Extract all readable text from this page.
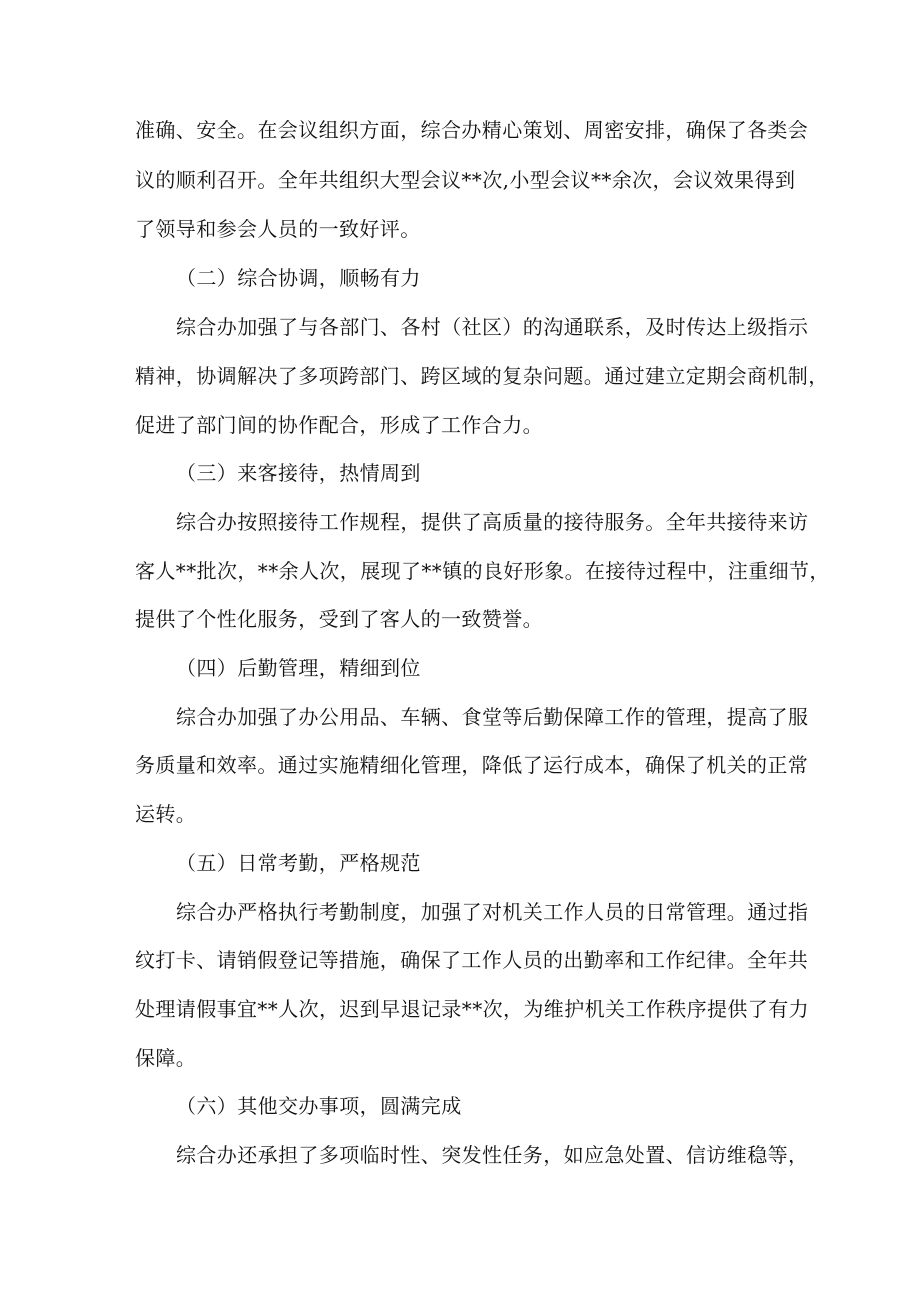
准确、安全。在会议组织方面，综合办精心策划、周密安排，确保了各类会
议的顺利召开。全年共组织大型会议**次,小型会议**余次，会议效果得到
了领导和参会人员的一致好评。
（二）综合协调，顺畅有力
综合办加强了与各部门、各村（社区）的沟通联系，及时传达上级指示
精神，协调解决了多项跨部门、跨区域的复杂问题。通过建立定期会商机制，
促进了部门间的协作配合，形成了工作合力。
（三）来客接待，热情周到
综合办按照接待工作规程，提供了高质量的接待服务。全年共接待来访
客人**批次，**余人次，展现了**镇的良好形象。在接待过程中，注重细节，
提供了个性化服务，受到了客人的一致赞誉。
（四）后勤管理，精细到位
综合办加强了办公用品、车辆、食堂等后勤保障工作的管理，提高了服
务质量和效率。通过实施精细化管理，降低了运行成本，确保了机关的正常
运转。
（五）日常考勤，严格规范
综合办严格执行考勤制度，加强了对机关工作人员的日常管理。通过指
纹打卡、请销假登记等措施，确保了工作人员的出勤率和工作纪律。全年共
处理请假事宜**人次，迟到早退记录**次，为维护机关工作秩序提供了有力
保障。
（六）其他交办事项，圆满完成
综合办还承担了多项临时性、突发性任务，如应急处置、信访维稳等，
